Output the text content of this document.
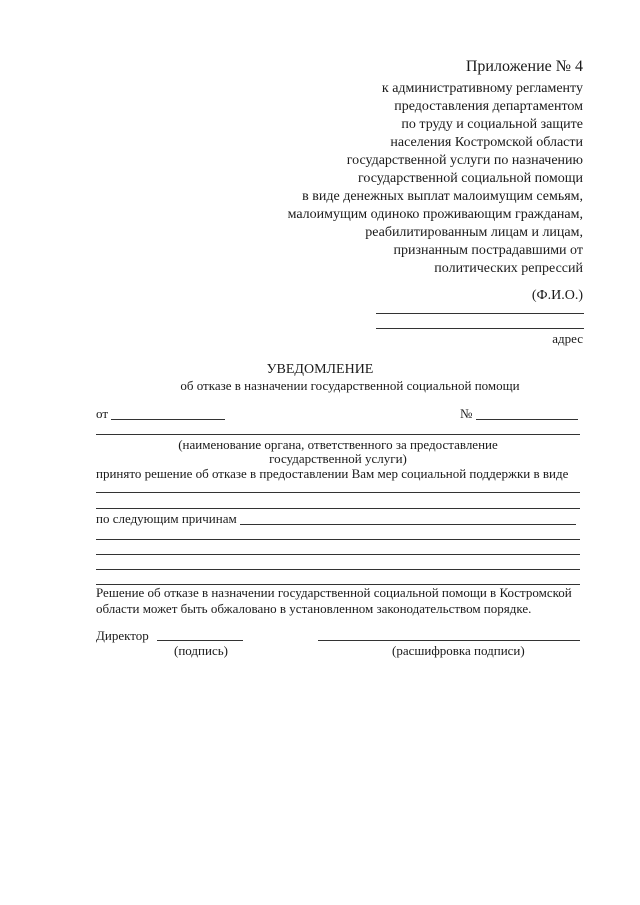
Приложение № 4
к административному регламенту
предоставления департаментом
по труду и социальной защите
населения Костромской области
государственной услуги по назначению
государственной социальной помощи
в виде денежных выплат малоимущим семьям,
малоимущим одиноко проживающим гражданам,
реабилитированным лицам и лицам,
признанным пострадавшими от
политических репрессий
(Ф.И.О.)
адрес
УВЕДОМЛЕНИЕ
об отказе в назначении государственной социальной помощи
от	№
(наименование органа, ответственного за предоставление
государственной услуги)
принято решение об отказе в предоставлении Вам мер социальной поддержки в виде
по следующим причинам
Решение об отказе в назначении государственной социальной помощи в Костромской
области может быть обжаловано в установленном законодательством порядке.
Директор
(подпись)	(расшифровка подписи)
